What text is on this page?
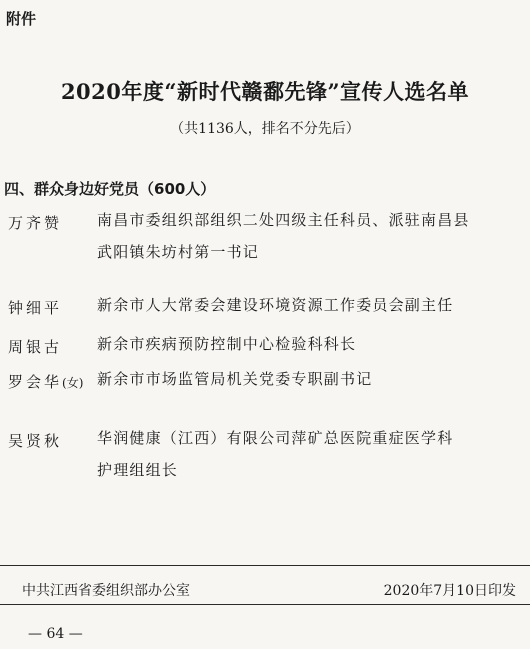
附件
2020年度“新时代赣鄱先锋”宣传人选名单
（共1136人，排名不分先后）
四、群众身边好党员（600人）
万齐赞 南昌市委组织部组织二处四级主任科员、派驻南昌县
武阳镇朱坊村第一书记
钟细平 新余市人大常委会建设环境资源工作委员会副主任
周银古 新余市疾病预防控制中心检验科科长
罗会华(女) 新余市市场监管局机关党委专职副书记
吴贤秋 华润健康（江西）有限公司萍矿总医院重症医学科
护理组组长
中共江西省委组织部办公室	2020年7月10日印发
— 64 —
